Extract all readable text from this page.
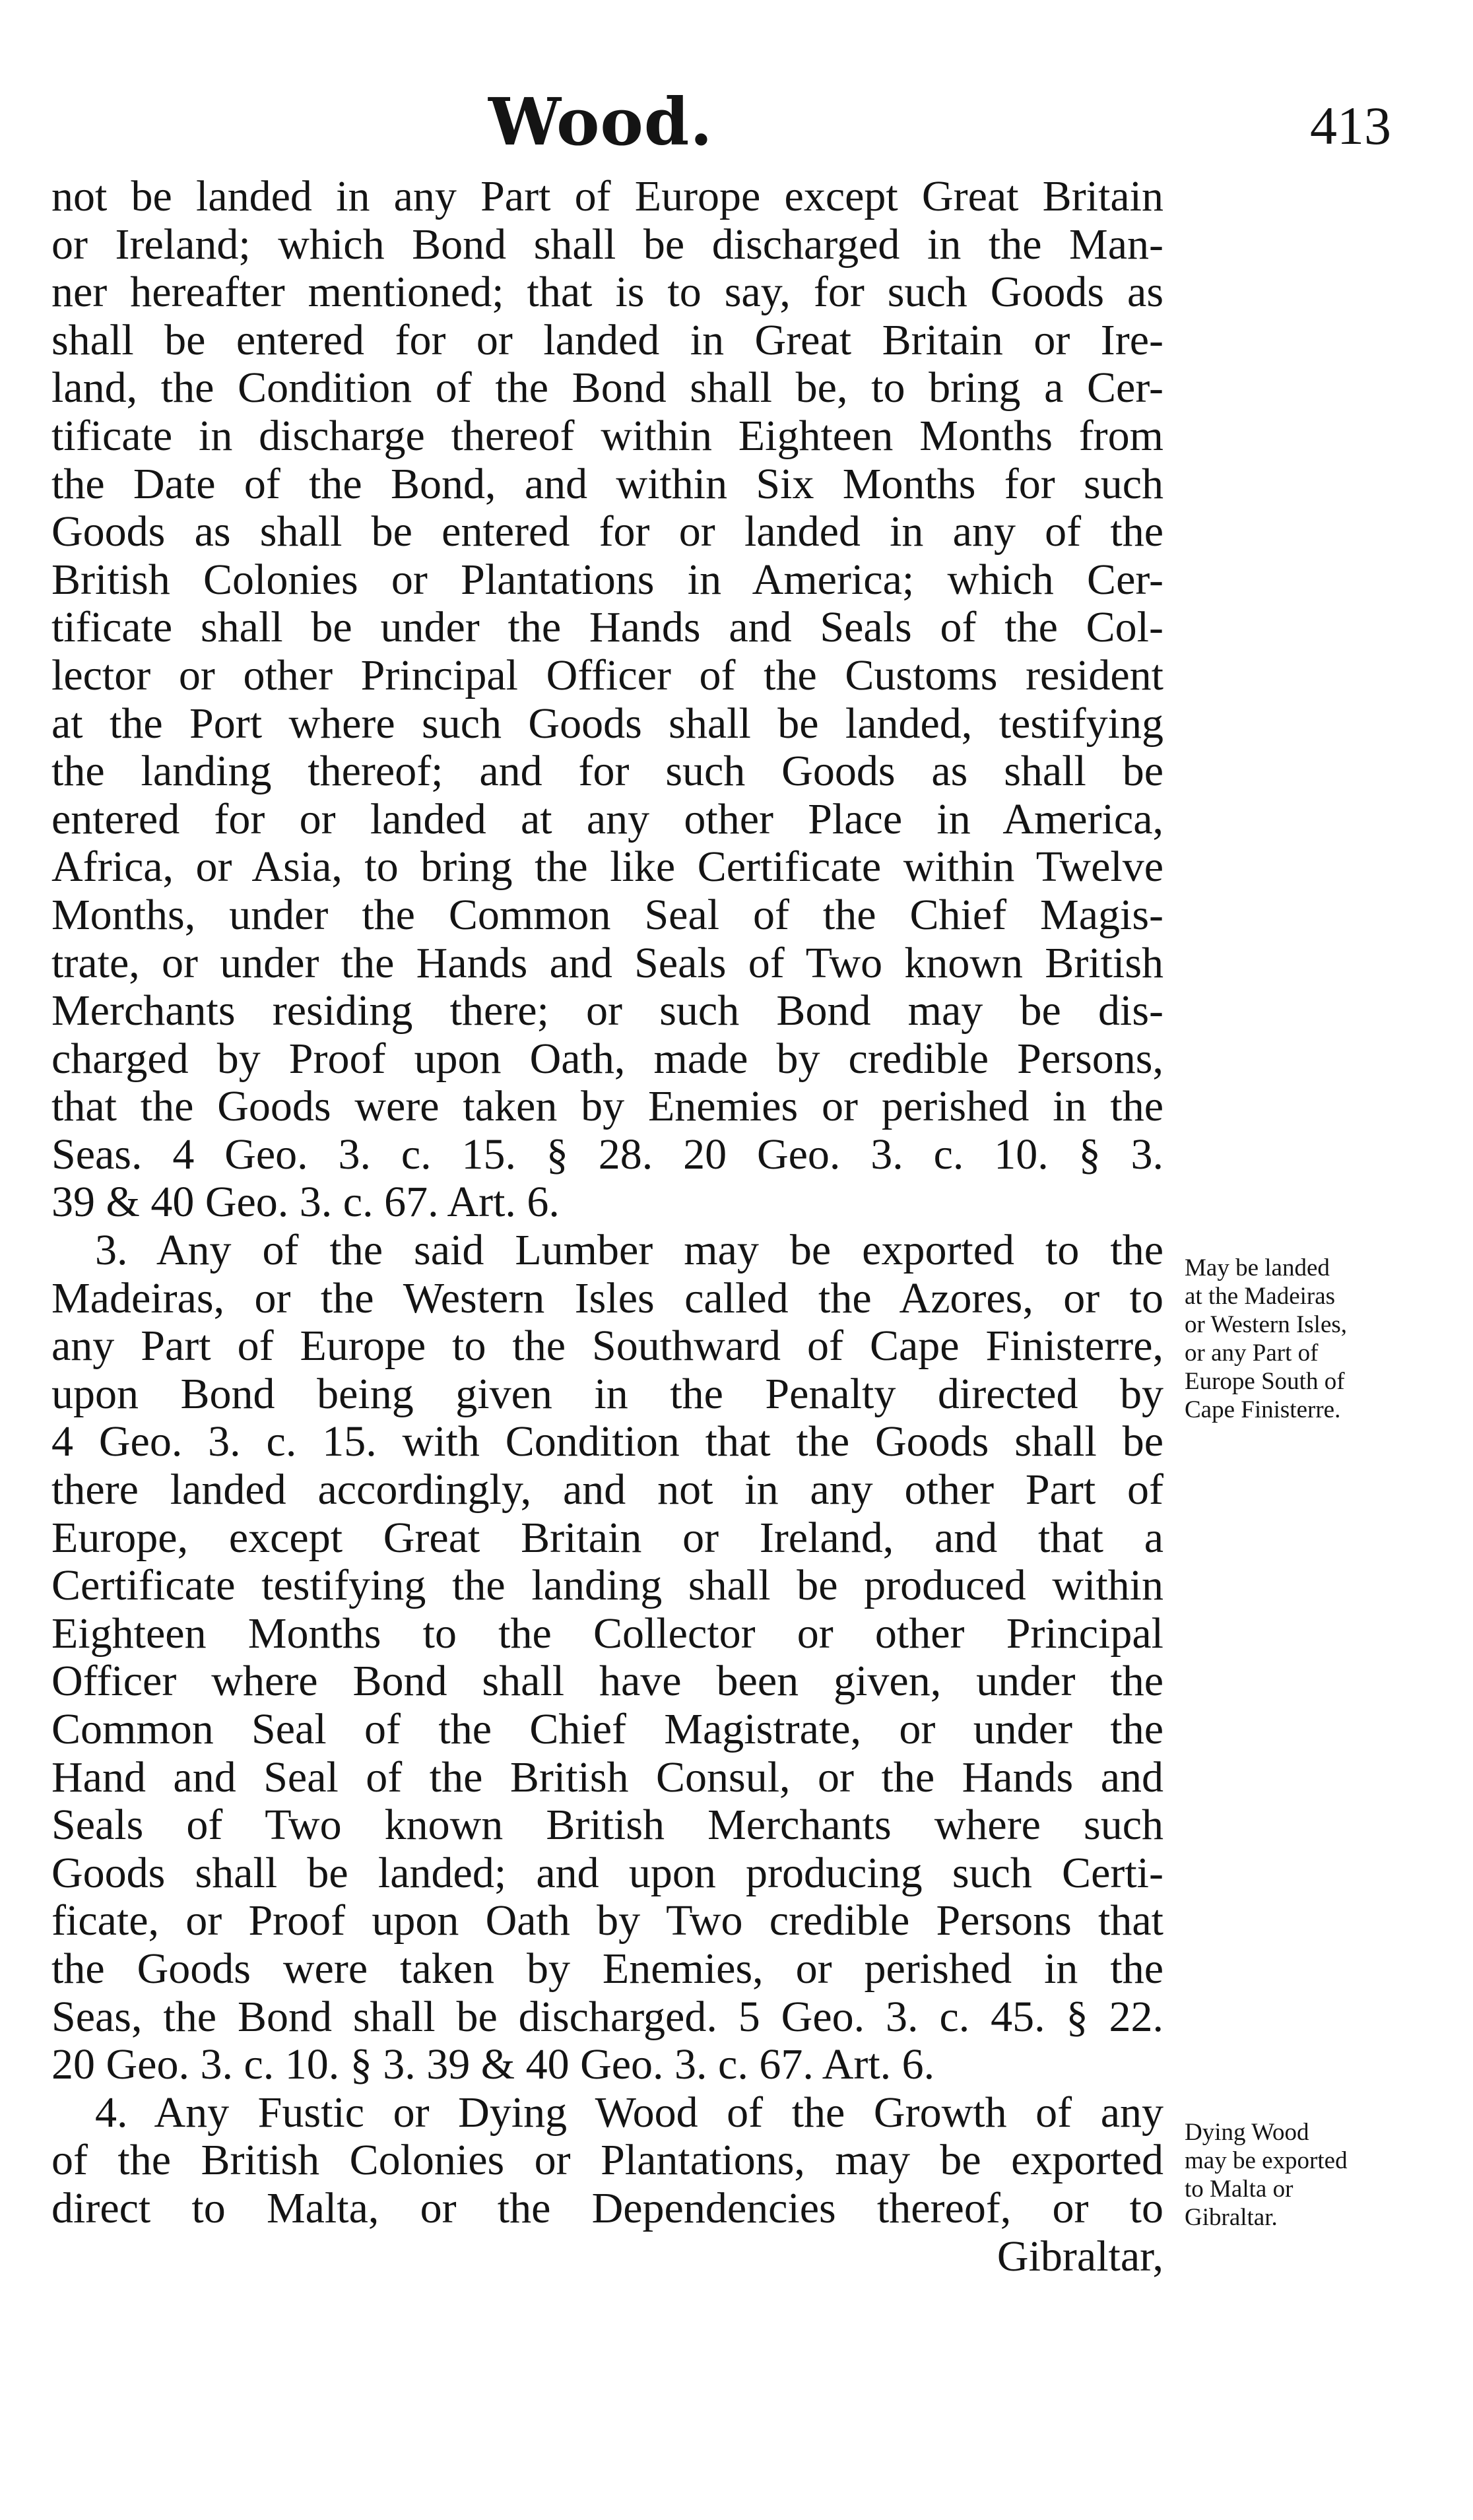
Wood.	413
not be landed in any Part of Europe except Great Britain
or Ireland; which Bond shall be discharged in the Man-
ner hereafter mentioned; that is to say, for such Goods as
shall be entered for or landed in Great Britain or Ire-
land, the Condition of the Bond shall be, to bring a Cer-
tificate in discharge thereof within Eighteen Months from
the Date of the Bond, and within Six Months for such
Goods as shall be entered for or landed in any of the
British Colonies or Plantations in America; which Cer-
tificate shall be under the Hands and Seals of the Col-
lector or other Principal Officer of the Customs resident
at the Port where such Goods shall be landed, testifying
the landing thereof; and for such Goods as shall be
entered for or landed at any other Place in America,
Africa, or Asia, to bring the like Certificate within Twelve
Months, under the Common Seal of the Chief Magis-
trate, or under the Hands and Seals of Two known British
Merchants residing there; or such Bond may be dis-
charged by Proof upon Oath, made by credible Persons,
that the Goods were taken by Enemies or perished in the
Seas. 4 Geo. 3. c. 15. § 28. 20 Geo. 3. c. 10. § 3.
39 & 40 Geo. 3. c. 67. Art. 6.
3. Any of the said Lumber may be exported to the
Madeiras, or the Western Isles called the Azores, or to
any Part of Europe to the Southward of Cape Finisterre,
upon Bond being given in the Penalty directed by
4 Geo. 3. c. 15. with Condition that the Goods shall be
there landed accordingly, and not in any other Part of
Europe, except Great Britain or Ireland, and that a
Certificate testifying the landing shall be produced within
Eighteen Months to the Collector or other Principal
Officer where Bond shall have been given, under the
Common Seal of the Chief Magistrate, or under the
Hand and Seal of the British Consul, or the Hands and
Seals of Two known British Merchants where such
Goods shall be landed; and upon producing such Certi-
ficate, or Proof upon Oath by Two credible Persons that
the Goods were taken by Enemies, or perished in the
Seas, the Bond shall be discharged. 5 Geo. 3. c. 45. § 22.
20 Geo. 3. c. 10. § 3. 39 & 40 Geo. 3. c. 67. Art. 6.
4. Any Fustic or Dying Wood of the Growth of any
of the British Colonies or Plantations, may be exported
direct to Malta, or the Dependencies thereof, or to
Gibraltar,
May be landed
at the Madeiras
or Western Isles,
or any Part of
Europe South of
Cape Finisterre.
Dying Wood
may be exported
to Malta or
Gibraltar.
